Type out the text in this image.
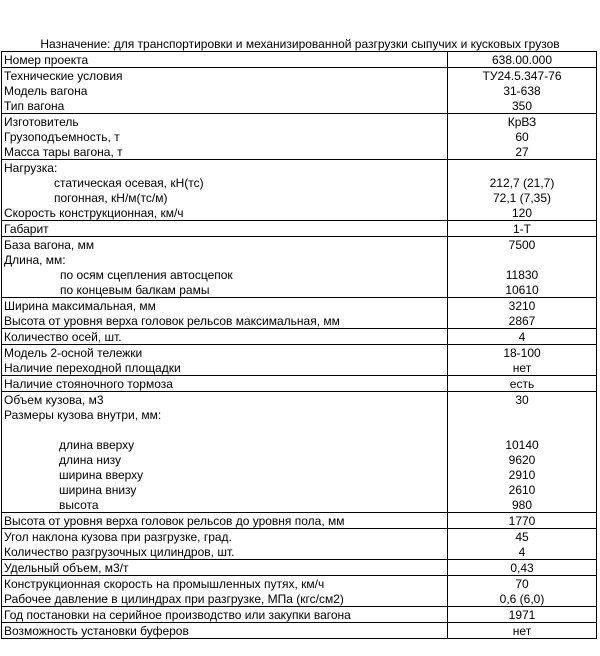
Назначение: для транспортировки и механизированной разгрузки сыпучих и кусковых грузов
Номер проекта	638.00.000
Технические условия	ТУ24.5.347-76
Модель вагона	31-638
Тип вагона	350
Изготовитель	КрВЗ
Грузоподъемность, т	60
Масса тары вагона, т	27
Нагрузка:	
статическая осевая, кН(тс)	212,7 (21,7)
погонная, кН/м(тс/м)	72,1 (7,35)
Скорость конструкционная, км/ч	120
Габарит	1-Т
База вагона, мм	7500
Длина, мм:	
по осям сцепления автосцепок	11830
по концевым балкам рамы	10610
Ширина максимальная, мм	3210
Высота от уровня верха головок рельсов максимальная, мм	2867
Количество осей, шт.	4
Модель 2-осной тележки	18-100
Наличие переходной площадки	нет
Наличие стояночного тормоза	есть
Объем кузова, м3	30
Размеры кузова внутри, мм:	

длина вверху	10140
длина низу	9620
ширина вверху	2910
ширина внизу	2610
высота	980
Высота от уровня верха головок рельсов до уровня пола, мм	1770
Угол наклона кузова при разгрузке, град.	45
Количество разгрузочных цилиндров, шт.	4
Удельный объем, м3/т	0,43
Конструкционная скорость на промышленных путях, км/ч	70
Рабочее давление в цилиндрах при разгрузке, МПа (кгс/см2)	0,6 (6,0)
Год постановки на серийное производство или закупки вагона	1971
Возможность установки буферов	нет
